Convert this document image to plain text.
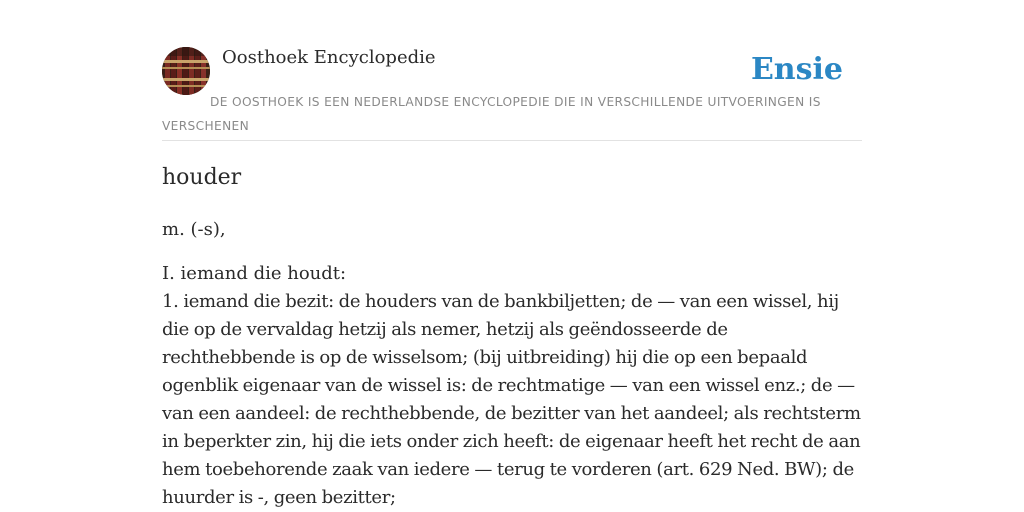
Oosthoek Encyclopedie	Ensie
DE OOSTHOEK IS EEN NEDERLANDSE ENCYCLOPEDIE DIE IN VERSCHILLENDE UITVOERINGEN IS VERSCHENEN
houder

m. (-s),

I. iemand die houdt:

1. iemand die bezit: de houders van de bankbiljetten; de — van een wissel, hij die op de vervaldag hetzij als nemer, hetzij als geëndosseerde de rechthebbende is op de wisselsom; (bij uitbreiding) hij die op een bepaald ogenblik eigenaar van de wissel is: de rechtmatige — van een wissel enz.; de — van een aandeel: de rechthebbende, de bezitter van het aandeel; als rechtsterm in beperkter zin, hij die iets onder zich heeft: de eigenaar heeft het recht de aan hem toebehorende zaak van iedere — terug te vorderen (art. 629 Ned. BW); de huurder is -, geen bezitter;
